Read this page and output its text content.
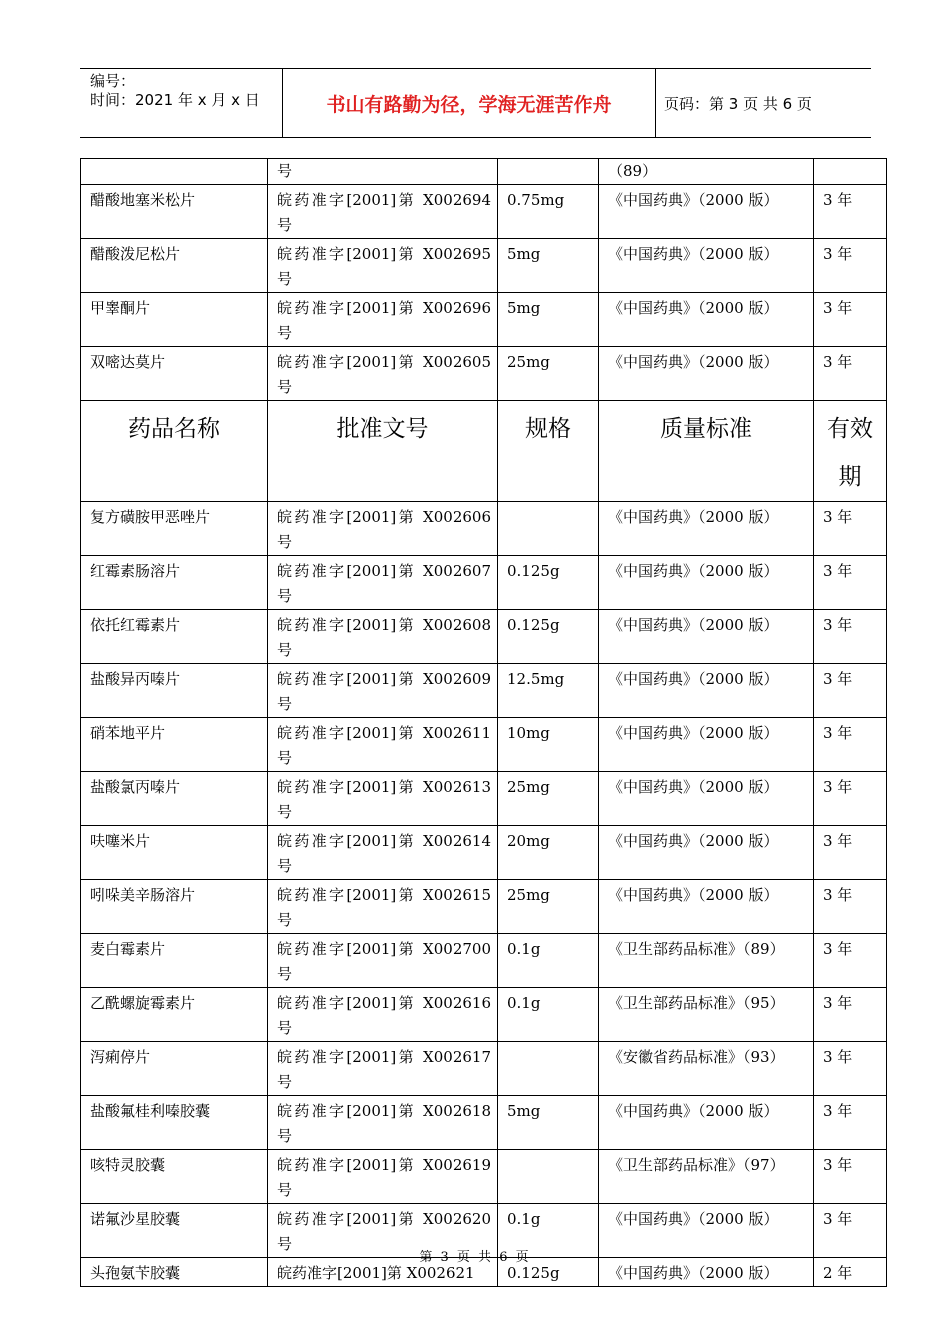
编号：
时间：2021 年 x 月 x 日	书山有路勤为径，学海无涯苦作舟	页码：第 3 页 共 6 页
	号		（89）	
醋酸地塞米松片	皖药准字[2001]第 X002694 号	0.75mg	《中国药典》（2000 版）	3 年
醋酸泼尼松片	皖药准字[2001]第 X002695 号	5mg	《中国药典》（2000 版）	3 年
甲睾酮片	皖药准字[2001]第 X002696 号	5mg	《中国药典》（2000 版）	3 年
双嘧达莫片	皖药准字[2001]第 X002605 号	25mg	《中国药典》（2000 版）	3 年
药品名称	批准文号	规格	质量标准	有效期
复方磺胺甲恶唑片	皖药准字[2001]第 X002606 号		《中国药典》（2000 版）	3 年
红霉素肠溶片	皖药准字[2001]第 X002607 号	0.125g	《中国药典》（2000 版）	3 年
依托红霉素片	皖药准字[2001]第 X002608 号	0.125g	《中国药典》（2000 版）	3 年
盐酸异丙嗪片	皖药准字[2001]第 X002609 号	12.5mg	《中国药典》（2000 版）	3 年
硝苯地平片	皖药准字[2001]第 X002611 号	10mg	《中国药典》（2000 版）	3 年
盐酸氯丙嗪片	皖药准字[2001]第 X002613 号	25mg	《中国药典》（2000 版）	3 年
呋噻米片	皖药准字[2001]第 X002614 号	20mg	《中国药典》（2000 版）	3 年
吲哚美辛肠溶片	皖药准字[2001]第 X002615 号	25mg	《中国药典》（2000 版）	3 年
麦白霉素片	皖药准字[2001]第 X002700 号	0.1g	《卫生部药品标准》（89）	3 年
乙酰螺旋霉素片	皖药准字[2001]第 X002616 号	0.1g	《卫生部药品标准》（95）	3 年
泻痢停片	皖药准字[2001]第 X002617 号		《安徽省药品标准》（93）	3 年
盐酸氟桂利嗪胶囊	皖药准字[2001]第 X002618 号	5mg	《中国药典》（2000 版）	3 年
咳特灵胶囊	皖药准字[2001]第 X002619 号		《卫生部药品标准》（97）	3 年
诺氟沙星胶囊	皖药准字[2001]第 X002620 号	0.1g	《中国药典》（2000 版）	3 年
头孢氨苄胶囊	皖药准字[2001]第 X002621	0.125g	《中国药典》（2000 版）	2 年
第 3 页 共 6 页
